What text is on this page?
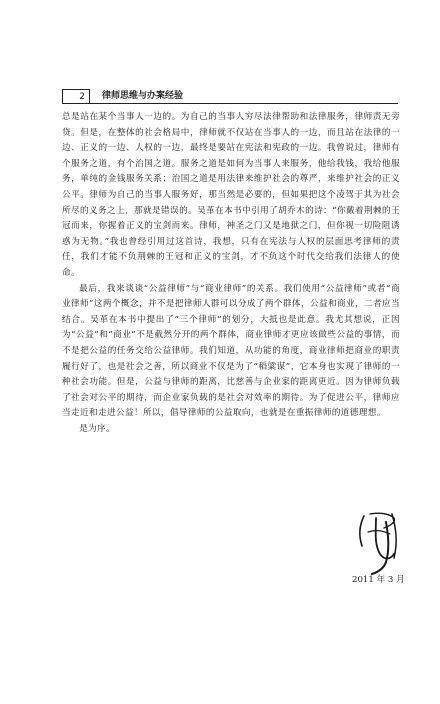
2	律师思维与办案经验

总是站在某个当事人一边的。为自己的当事人穷尽法律帮助和法律服务，律师责无旁贷。但是，在整体的社会格局中，律师就不仅站在当事人的一边，而且站在法律的一边、正义的一边、人权的一边，最终是要站在宪法和宪政的一边。我曾说过，律师有个服务之道，有个治国之道。服务之道是如何为当事人来服务，他给我钱，我给他服务，单纯的金钱服务关系；治国之道是用法律来维护社会的尊严，来维护社会的正义公平。律师为自己的当事人服务好，那当然是必要的，但如果把这个凌驾于其为社会所尽的义务之上，那就是错误的。吴革在本书中引用了胡乔木的诗：“你戴着荆棘的王冠而来，你握着正义的宝剑而来。律师，神圣之门又是地狱之门，但你视一切险阻诱惑为无物。”我也曾经引用过这首诗，我想，只有在宪法与人权的层面思考律师的责任，我们才能不负荆棘的王冠和正义的宝剑，才不负这个时代交给我们法律人的使命。

最后，我来谈谈“公益律师”与“商业律师”的关系。我们使用“公益律师”或者“商业律师”这两个概念，并不是把律师人群可以分成了两个群体，公益和商业，二者应当结合。吴革在本书中提出了“三个律师”的划分，大抵也是此意。我尤其想说，正因为“公益”和“商业”不是截然分开的两个群体，商业律师才更应该做些公益的事情，而不是把公益的任务交给公益律师。我们知道，从功能的角度，商业律师把商业的职责履行好了，也是社会之善，所以商业不仅是为了“稻粱谋”，它本身也实现了律师的一种社会功能。但是，公益与律师的距离，比慈善与企业家的距离更近。因为律师负载了社会对公平的期待，而企业家负载的是社会对效率的期待。为了促进公平，律师应当走近和走进公益！所以，倡导律师的公益取向，也就是在重振律师的道德理想。

是为序。

2011 年 3 月
